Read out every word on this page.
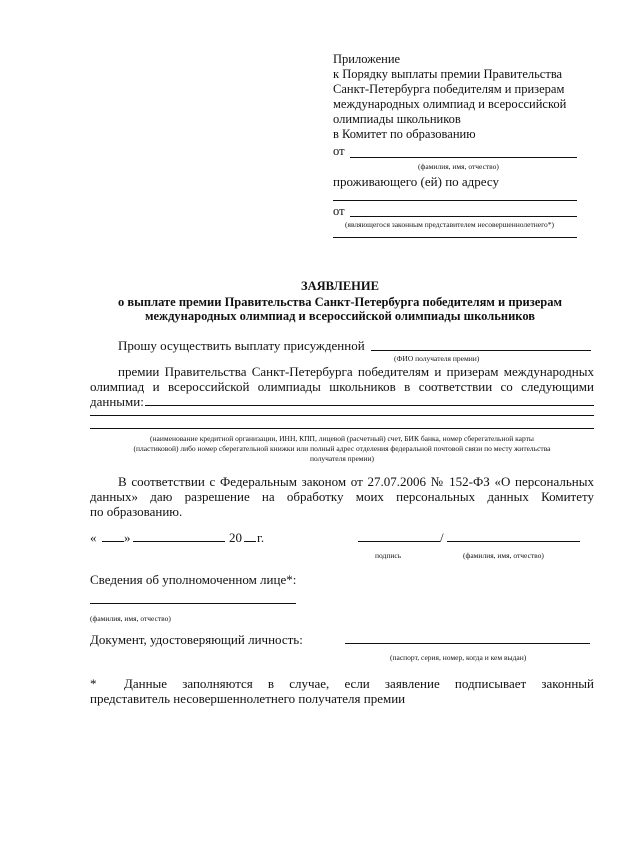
Приложение
к Порядку выплаты премии Правительства
Санкт-Петербурга победителям и призерам
международных олимпиад и всероссийской
олимпиады школьников
в Комитет по образованию
от
(фамилия, имя, отчество)
проживающего (ей) по адресу
от
(являющегося законным представителем несовершеннолетнего*)
ЗАЯВЛЕНИЕ
о выплате премии Правительства Санкт-Петербурга победителям и призерам
международных олимпиад и всероссийской олимпиады школьников
Прошу осуществить выплату присужденной
(ФИО получателя премии)
премии Правительства Санкт-Петербурга победителям и призерам международных
олимпиад и всероссийской олимпиады школьников в соответствии со следующими
данными:
(наименование кредитной организации, ИНН, КПП, лицевой (расчетный) счет, БИК банка, номер сберегательной карты
(пластиковой) либо номер сберегательной книжки или полный адрес отделения федеральной почтовой связи по месту жительства
получателя премии)
В соответствии с Федеральным законом от 27.07.2006 № 152-ФЗ «О персональных
данных» даю разрешение на обработку моих персональных данных Комитету
по образованию.
« »	20 г.	/
подпись	(фамилия, имя, отчество)
Сведения об уполномоченном лице*:
(фамилия, имя, отчество)
Документ, удостоверяющий личность:
(паспорт, серия, номер, когда и кем выдан)
* Данные заполняются в случае, если заявление подписывает законный
представитель несовершеннолетнего получателя премии
